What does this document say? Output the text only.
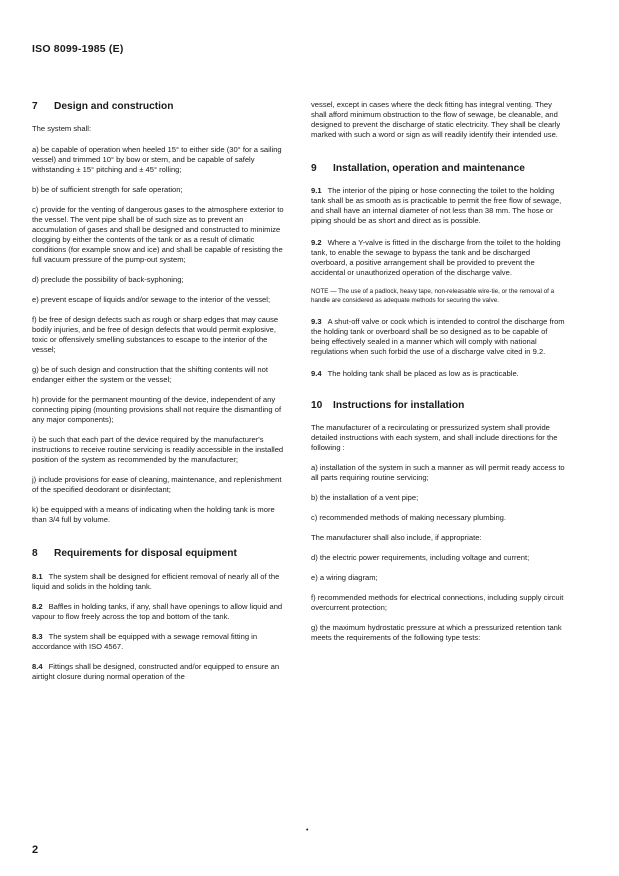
ISO 8099-1985 (E)
7	Design and construction

The system shall:

a) be capable of operation when heeled 15° to either side (30° for a sailing vessel) and trimmed 10° by bow or stern, and be capable of safely withstanding ± 15° pitching and ± 45° rolling;

b) be of sufficient strength for safe operation;

c) provide for the venting of dangerous gases to the atmosphere exterior to the vessel. The vent pipe shall be of such size as to prevent an accumulation of gases and shall be designed and constructed to minimize clogging by either the contents of the tank or as a result of climatic conditions (for example snow and ice) and shall be capable of resisting the full vacuum pressure of the pump-out system;

d) preclude the possibility of back-syphoning;

e) prevent escape of liquids and/or sewage to the interior of the vessel;

f) be free of design defects such as rough or sharp edges that may cause bodily injuries, and be free of design defects that would permit explosive, toxic or offensively smelling substances to escape to the interior of the vessel;

g) be of such design and construction that the shifting contents will not endanger either the system or the vessel;

h) provide for the permanent mounting of the device, independent of any connecting piping (mounting provisions shall not require the dismantling of any major components);

i) be such that each part of the device required by the manufacturer's instructions to receive routine servicing is readily accessible in the installed position of the system as recommended by the manufacturer;

j) include provisions for ease of cleaning, maintenance, and replenishment of the specified deodorant or disinfectant;

k) be equipped with a means of indicating when the holding tank is more than 3/4 full by volume.

8	Requirements for disposal equipment

8.1 The system shall be designed for efficient removal of nearly all of the liquid and solids in the holding tank.

8.2 Baffles in holding tanks, if any, shall have openings to allow liquid and vapour to flow freely across the top and bottom of the tank.

8.3 The system shall be equipped with a sewage removal fitting in accordance with ISO 4567.

8.4 Fittings shall be designed, constructed and/or equipped to ensure an airtight closure during normal operation of the

vessel, except in cases where the deck fitting has integral venting. They shall afford minimum obstruction to the flow of sewage, be cleanable, and designed to prevent the discharge of static electricity. They shall be clearly marked with such a word or sign as will readily identify their intended use.

9	Installation, operation and maintenance

9.1 The interior of the piping or hose connecting the toilet to the holding tank shall be as smooth as is practicable to permit the free flow of sewage, and shall have an internal diameter of not less than 38 mm. The hose or piping should be as short and direct as is possible.

9.2 Where a Y-valve is fitted in the discharge from the toilet to the holding tank, to enable the sewage to bypass the tank and be discharged overboard, a positive arrangement shall be provided to prevent the accidental or unauthorized operation of the discharge valve.

NOTE — The use of a padlock, heavy tape, non-releasable wire-tie, or the removal of a handle are considered as adequate methods for securing the valve.

9.3 A shut-off valve or cock which is intended to control the discharge from the holding tank or overboard shall be so designed as to be capable of being effectively sealed in a manner which will comply with national regulations when such forbid the use of a discharge valve cited in 9.2.

9.4 The holding tank shall be placed as low as is practicable.

10	Instructions for installation

The manufacturer of a recirculating or pressurized system shall provide detailed instructions with each system, and shall include directions for the following :

a) installation of the system in such a manner as will permit ready access to all parts requiring routine servicing;

b) the installation of a vent pipe;

c) recommended methods of making necessary plumbing.

The manufacturer shall also include, if appropriate:

d) the electric power requirements, including voltage and current;

e) a wiring diagram;

f) recommended methods for electrical connections, including supply circuit overcurrent protection;

g) the maximum hydrostatic pressure at which a pressurized retention tank meets the requirements of the following type tests:

•
2
